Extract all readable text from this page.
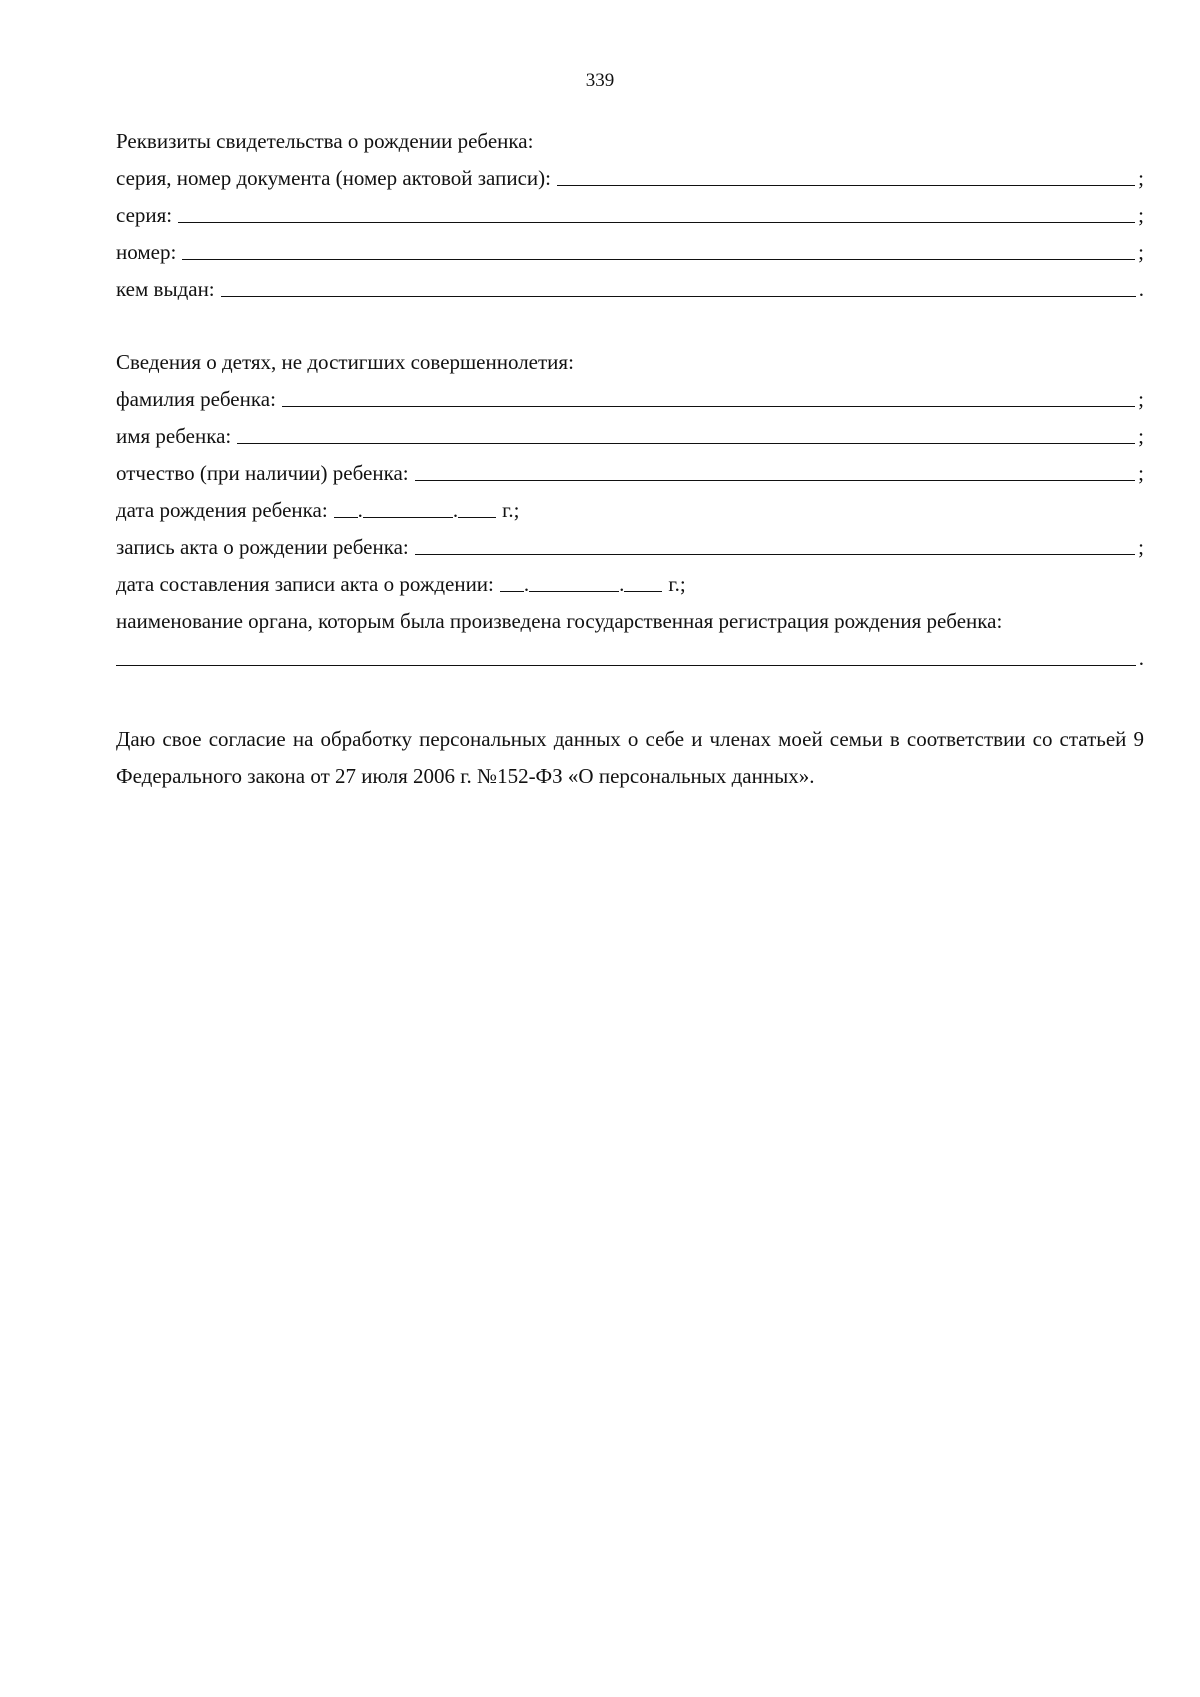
339
Реквизиты свидетельства о рождении ребенка:
серия, номер документа (номер актовой записи):	;
серия:	;
номер:	;
кем выдан:	.
Сведения о детях, не достигших совершеннолетия:
фамилия ребенка:	;
имя ребенка:	;
отчество (при наличии) ребенка:	;
дата рождения ребенка: .	. г.;
запись акта о рождении ребенка:	;
дата составления записи акта о рождении: .	. г.;
наименование органа, которым была произведена государственная регистрация рождения ребенка:
.
Даю свое согласие на обработку персональных данных о себе и членах моей семьи в соответствии со статьей 9 Федерального закона от 27 июля 2006 г. №152-ФЗ «О персональных данных».
